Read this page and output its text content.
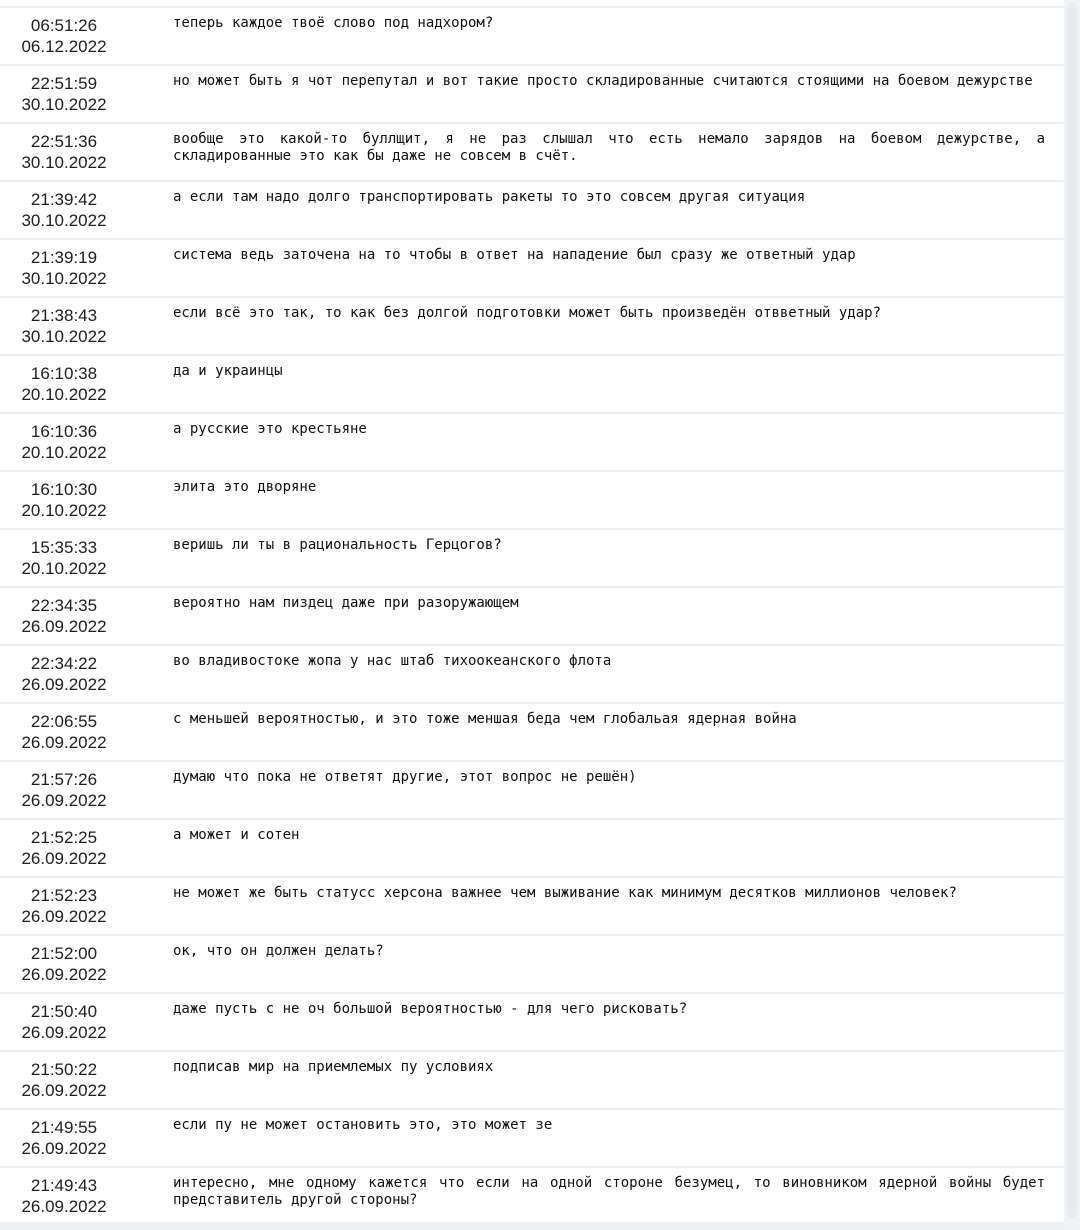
06:51:26
06.12.2022
теперь каждое твоё слово под надхором?
22:51:59
30.10.2022
но может быть я чот перепутал и вот такие просто складированные считаются стоящими на боевом дежурстве
22:51:36
30.10.2022
вообще это какой-то буллщит, я не раз слышал что есть немало зарядов на боевом дежурстве, а складированные это как бы даже не совсем в счёт.
21:39:42
30.10.2022
а если там надо долго транспортировать ракеты то это совсем другая ситуация
21:39:19
30.10.2022
система ведь заточена на то чтобы в ответ на нападение был сразу же ответный удар
21:38:43
30.10.2022
если всё это так, то как без долгой подготовки может быть произведён отвветный удар?
16:10:38
20.10.2022
да и украинцы
16:10:36
20.10.2022
а русские это крестьяне
16:10:30
20.10.2022
элита это дворяне
15:35:33
20.10.2022
веришь ли ты в рациональность Герцогов?
22:34:35
26.09.2022
вероятно нам пиздец даже при разоружающем
22:34:22
26.09.2022
во владивостоке жопа у нас штаб тихоокеанского флота
22:06:55
26.09.2022
с меньшей вероятностью, и это тоже меншая беда чем глобальая ядерная война
21:57:26
26.09.2022
думаю что пока не ответят другие, этот вопрос не решён)
21:52:25
26.09.2022
а может и сотен
21:52:23
26.09.2022
не может же быть статусс херсона важнее чем выживание как минимум десятков миллионов человек?
21:52:00
26.09.2022
ок, что он должен делать?
21:50:40
26.09.2022
даже пусть с не оч большой вероятностью - для чего рисковать?
21:50:22
26.09.2022
подписав мир на приемлемых пу условиях
21:49:55
26.09.2022
если пу не может остановить это, это может зе
21:49:43
26.09.2022
интересно, мне одному кажется что если на одной стороне безумец, то виновником ядерной войны будет представитель другой стороны?
